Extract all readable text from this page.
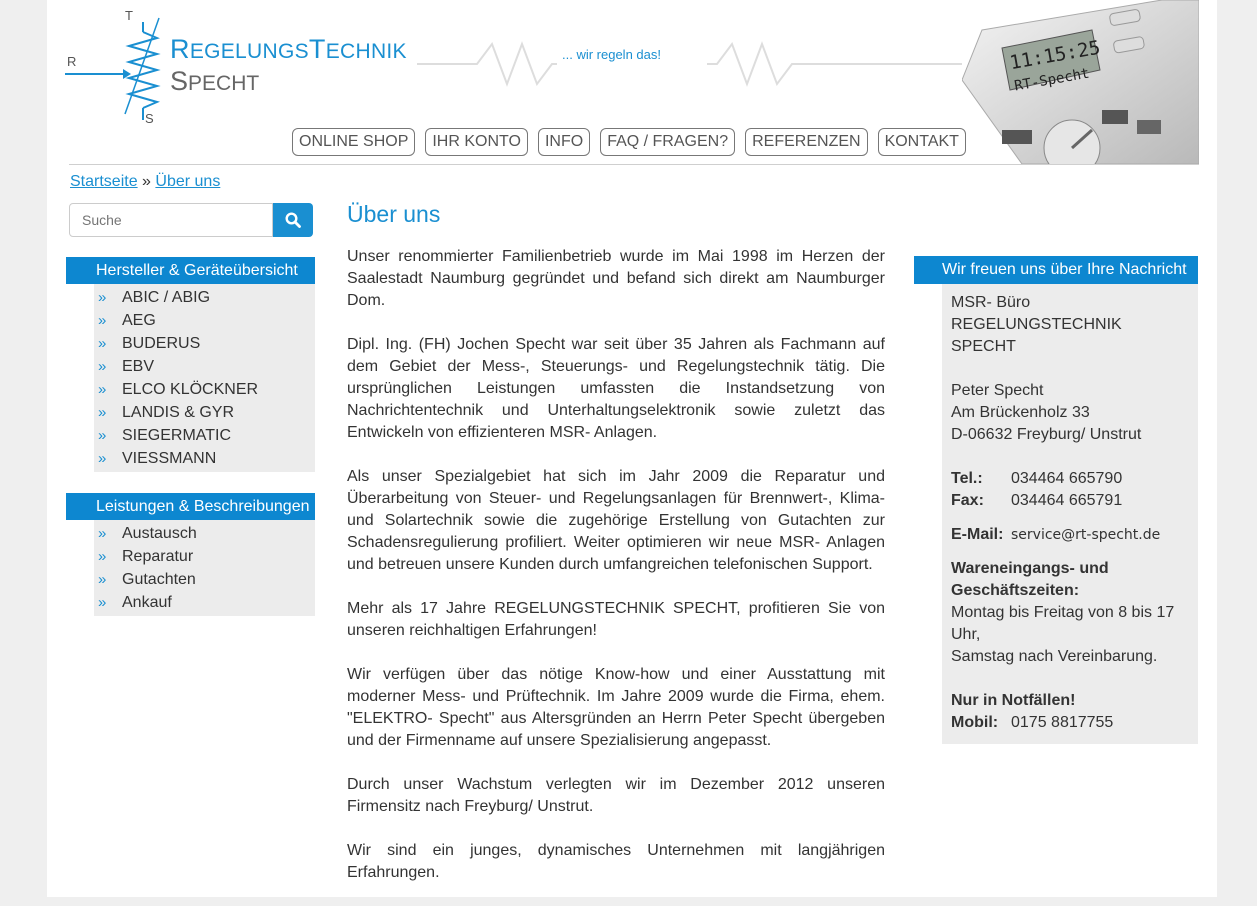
T
R
S
REGELUNGSTECHNIK
SPECHT
... wir regeln das!	11:15:25
RT-Specht
ONLINE SHOP	IHR KONTO	INFO	FAQ / FRAGEN?	REFERENZEN	KONTAKT
Startseite » Über uns
Suche
Hersteller & Geräteübersicht
» ABIC / ABIG
» AEG
» BUDERUS
» EBV
» ELCO KLÖCKNER
» LANDIS & GYR
» SIEGERMATIC
» VIESSMANN
Leistungen & Beschreibungen
» Austausch
» Reparatur
» Gutachten
» Ankauf
Über uns

Unser renommierter Familienbetrieb wurde im Mai 1998 im Herzen der Saalestadt Naumburg gegründet und befand sich direkt am Naumburger Dom.

Dipl. Ing. (FH) Jochen Specht war seit über 35 Jahren als Fachmann auf dem Gebiet der Mess-, Steuerungs- und Regelungstechnik tätig. Die ursprünglichen Leistungen umfassten die Instandsetzung von Nachrichtentechnik und Unterhaltungselektronik sowie zuletzt das Entwickeln von effizienteren MSR- Anlagen.

Als unser Spezialgebiet hat sich im Jahr 2009 die Reparatur und Überarbeitung von Steuer- und Regelungsanlagen für Brennwert-, Klima- und Solartechnik sowie die zugehörige Erstellung von Gutachten zur Schadensregulierung profiliert. Weiter optimieren wir neue MSR- Anlagen und betreuen unsere Kunden durch umfangreichen telefonischen Support.

Mehr als 17 Jahre REGELUNGSTECHNIK SPECHT, profitieren Sie von unseren reichhaltigen Erfahrungen!

Wir verfügen über das nötige Know-how und einer Ausstattung mit moderner Mess- und Prüftechnik. Im Jahre 2009 wurde die Firma, ehem. "ELEKTRO- Specht" aus Altersgründen an Herrn Peter Specht übergeben und der Firmenname auf unsere Spezialisierung angepasst.

Durch unser Wachstum verlegten wir im Dezember 2012 unseren Firmensitz nach Freyburg/ Unstrut.

Wir sind ein junges, dynamisches Unternehmen mit langjährigen Erfahrungen.

Wir freuen uns über Ihre Nachricht
MSR- Büro
REGELUNGSTECHNIK
SPECHT
Peter Specht
Am Brückenholz 33
D-06632 Freyburg/ Unstrut
Tel.: 034464 665790
Fax: 034464 665791
E-Mail: service@rt-specht.de
Wareneingangs- und Geschäftszeiten:
Montag bis Freitag von 8 bis 17 Uhr,
Samstag nach Vereinbarung.
Nur in Notfällen!
Mobil: 0175 8817755
